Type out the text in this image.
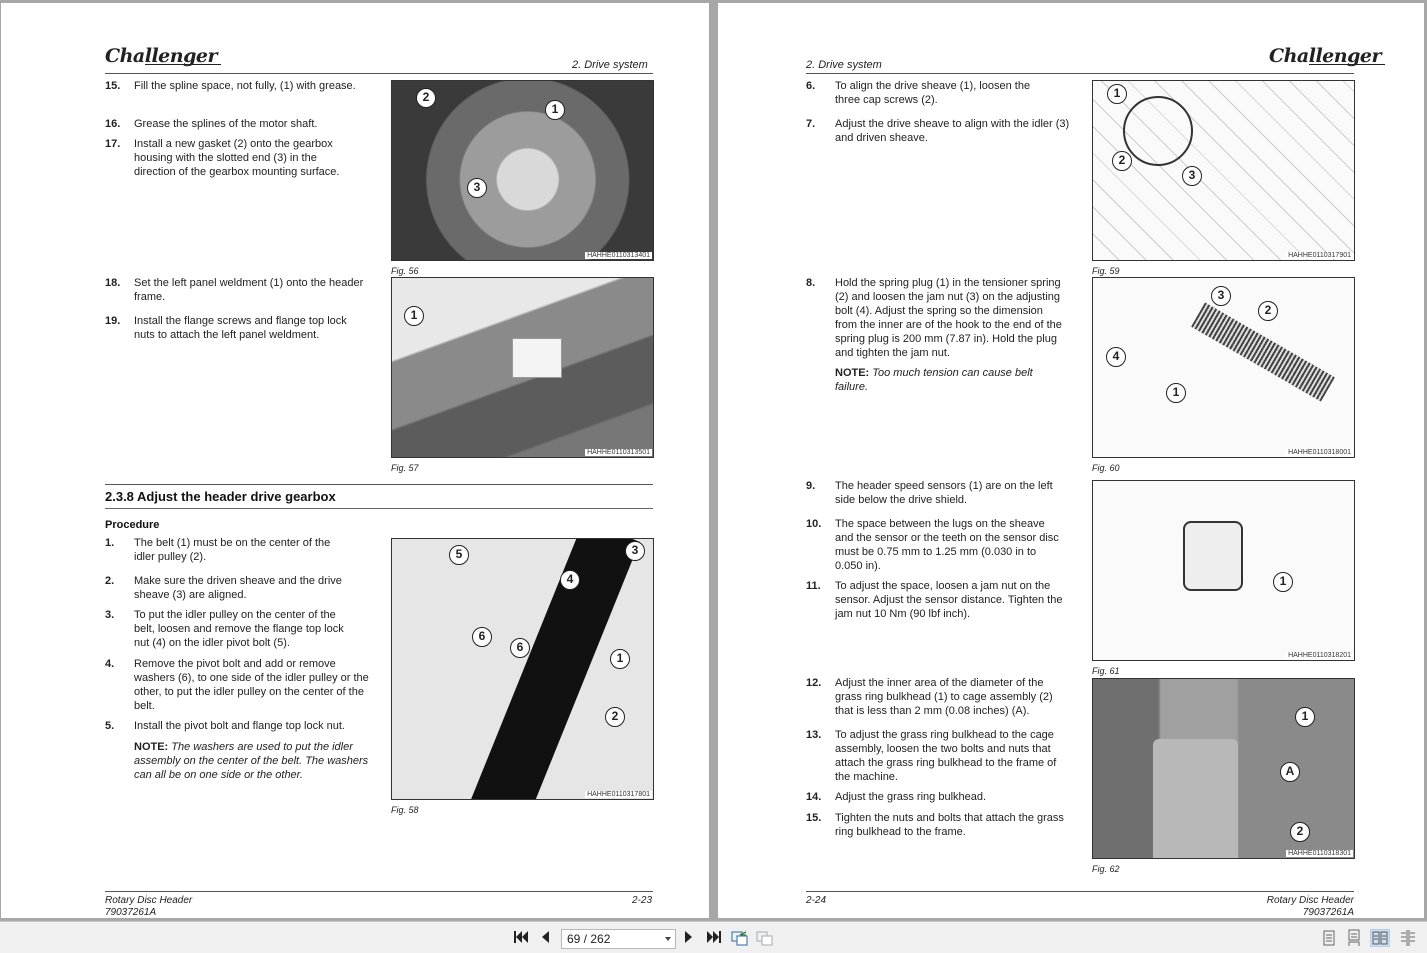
Challenger	2. Drive system
15. Fill the spline space, not fully, (1) with grease.
16. Grease the splines of the motor shaft.
17. Install a new gasket (2) onto the gearbox housing with the slotted end (3) in the direction of the gearbox mounting surface.
2
1
3
HAHHE0110313401
Fig. 56
18. Set the left panel weldment (1) onto the header frame.
19. Install the flange screws and flange top lock nuts to attach the left panel weldment.
1
HAHHE0110313501
Fig. 57
2.3.8 Adjust the header drive gearbox
Procedure
1. The belt (1) must be on the center of the idler pulley (2).
2. Make sure the driven sheave and the drive sheave (3) are aligned.
3. To put the idler pulley on the center of the belt, loosen and remove the flange top lock nut (4) on the idler pivot bolt (5).
4. Remove the pivot bolt and add or remove washers (6), to one side of the idler pulley or the other, to put the idler pulley on the center of the belt.
5. Install the pivot bolt and flange top lock nut.
NOTE: The washers are used to put the idler assembly on the center of the belt. The washers can all be on one side or the other.
5	3
4
6
6
1
2
HAHHE0110317801
Fig. 58
Rotary Disc Header
79037261A
2-23
2. Drive system	Challenger
6. To align the drive sheave (1), loosen the three cap screws (2).
7. Adjust the drive sheave to align with the idler (3) and driven sheave.
1
2
3
HAHHE0110317901
Fig. 59
8. Hold the spring plug (1) in the tensioner spring (2) and loosen the jam nut (3) on the adjusting bolt (4). Adjust the spring so the dimension from the inner are of the hook to the end of the spring plug is 200 mm (7.87 in). Hold the plug and tighten the jam nut.
NOTE: Too much tension can cause belt failure.
3
2
4
1
HAHHE0110318001
Fig. 60
9. The header speed sensors (1) are on the left side below the drive shield.
10. The space between the lugs on the sheave and the sensor or the teeth on the sensor disc must be 0.75 mm to 1.25 mm (0.030 in to 0.050 in).
11. To adjust the space, loosen a jam nut on the sensor. Adjust the sensor distance. Tighten the jam nut 10 Nm (90 lbf inch).
1
HAHHE0110318201
Fig. 61
12. Adjust the inner area of the diameter of the grass ring bulkhead (1) to cage assembly (2) that is less than 2 mm (0.08 inches) (A).
13. To adjust the grass ring bulkhead to the cage assembly, loosen the two bolts and nuts that attach the grass ring bulkhead to the frame of the machine.
14. Adjust the grass ring bulkhead.
15. Tighten the nuts and bolts that attach the grass ring bulkhead to the frame.
1
A
2
HAHHE0110318301
Fig. 62
2-24	Rotary Disc Header
79037261A
69 / 262
